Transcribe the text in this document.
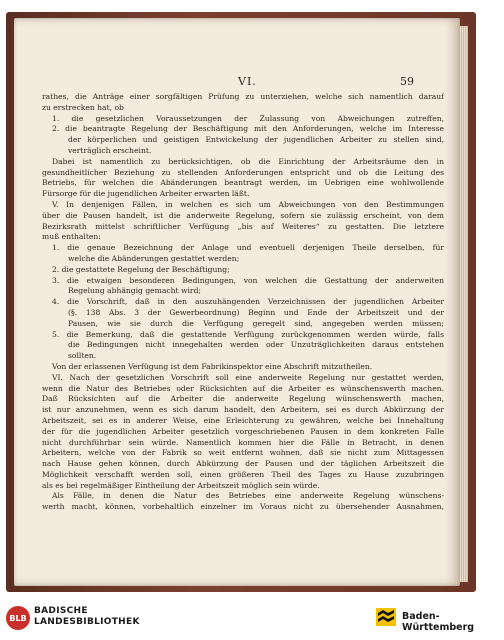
VI.	59
rathes, die Anträge einer sorgfältigen Prüfung zu unterziehen, welche sich namentlich darauf
zu erstrecken hat, ob
1. die gesetzlichen Voraussetzungen der Zulassung von Abweichungen zutreffen,
2. die beantragte Regelung der Beschäftigung mit den Anforderungen, welche im Interesse
der körperlichen und geistigen Entwickelung der jugendlichen Arbeiter zu stellen sind,
verträglich erscheint.
Dabei ist namentlich zu berücksichtigen, ob die Einrichtung der Arbeitsräume den in
gesundheitlicher Beziehung zu stellenden Anforderungen entspricht und ob die Leitung des
Betriebs, für welchen die Abänderungen beantragt werden, im Uebrigen eine wohlwollende
Fürsorge für die jugendlichen Arbeiter erwarten läßt.
V. In denjenigen Fällen, in welchen es sich um Abweichungen von den Bestimmungen
über die Pausen handelt, ist die anderweite Regelung, sofern sie zulässig erscheint, von dem
Bezirksrath mittelst schriftlicher Verfügung „bis auf Weiteres“ zu gestatten. Die letztere
muß enthalten:
1. die genaue Bezeichnung der Anlage und eventuell derjenigen Theile derselben, für
welche die Abänderungen gestattet werden;
2. die gestattete Regelung der Beschäftigung;
3. die etwaigen besonderen Bedingungen, von welchen die Gestattung der anderweiten
Regelung abhängig gemacht wird;
4. die Vorschrift, daß in den auszuhängenden Verzeichnissen der jugendlichen Arbeiter
(§. 138 Abs. 3 der Gewerbeordnung) Beginn und Ende der Arbeitszeit und der
Pausen, wie sie durch die Verfügung geregelt sind, angegeben werden müssen;
5. die Bemerkung, daß die gestattende Verfügung zurückgenommen werden würde, falls
die Bedingungen nicht innegehalten werden oder Unzuträglichkeiten daraus entstehen
sollten.
Von der erlassenen Verfügung ist dem Fabrikinspektor eine Abschrift mitzutheilen.
VI. Nach der gesetzlichen Vorschrift soll eine anderweite Regelung nur gestattet werden,
wenn die Natur des Betriebes oder Rücksichten auf die Arbeiter es wünschenswerth machen.
Daß Rücksichten auf die Arbeiter die anderweite Regelung wünschenswerth machen,
ist nur anzunehmen, wenn es sich darum handelt, den Arbeitern, sei es durch Abkürzung der
Arbeitszeit, sei es in anderer Weise, eine Erleichterung zu gewähren, welche bei Innehaltung
der für die jugendlichen Arbeiter gesetzlich vorgeschriebenen Pausen in dem konkreten Falle
nicht durchführbar sein würde. Namentlich kommen hier die Fälle in Betracht, in denen
Arbeitern, welche von der Fabrik so weit entfernt wohnen, daß sie nicht zum Mittagessen
nach Hause gehen können, durch Abkürzung der Pausen und der täglichen Arbeitszeit die
Möglichkeit verschafft werden soll, einen größeren Theil des Tages zu Hause zuzubringen
als es bei regelmäßiger Eintheilung der Arbeitszeit möglich sein würde.
Als Fälle, in denen die Natur des Betriebes eine anderweite Regelung wünschens-
werth macht, können, vorbehaltlich einzelner im Voraus nicht zu übersehender Ausnahmen,
BLB
BADISCHE
LANDESBIBLIOTHEK	Baden-Württemberg
